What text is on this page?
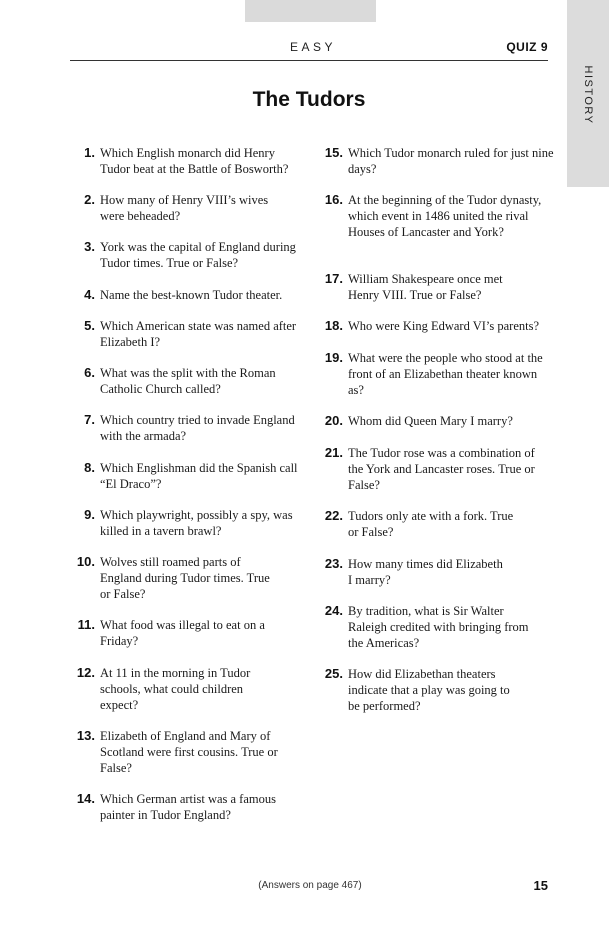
HISTORY
EASY	QUIZ 9
The Tudors
1. Which English monarch did Henry Tudor beat at the Battle of Bosworth?
2. How many of Henry VIII’s wives were beheaded?
3. York was the capital of England during Tudor times. True or False?
4. Name the best-known Tudor theater.
5. Which American state was named after Elizabeth I?
6. What was the split with the Roman Catholic Church called?
7. Which country tried to invade England with the armada?
8. Which Englishman did the Spanish call “El Draco”?
9. Which playwright, possibly a spy, was killed in a tavern brawl?
10. Wolves still roamed parts of England during Tudor times. True or False?
11. What food was illegal to eat on a Friday?
12. At 11 in the morning in Tudor schools, what could children expect?
13. Elizabeth of England and Mary of Scotland were first cousins. True or False?
14. Which German artist was a famous painter in Tudor England?
15. Which Tudor monarch ruled for just nine days?
16. At the beginning of the Tudor dynasty, which event in 1486 united the rival Houses of Lancaster and York?
17. William Shakespeare once met Henry VIII. True or False?
18. Who were King Edward VI’s parents?
19. What were the people who stood at the front of an Elizabethan theater known as?
20. Whom did Queen Mary I marry?
21. The Tudor rose was a combination of the York and Lancaster roses. True or False?
22. Tudors only ate with a fork. True or False?
23. How many times did Elizabeth I marry?
24. By tradition, what is Sir Walter Raleigh credited with bringing from the Americas?
25. How did Elizabethan theaters indicate that a play was going to be performed?
(Answers on page 467)	15
